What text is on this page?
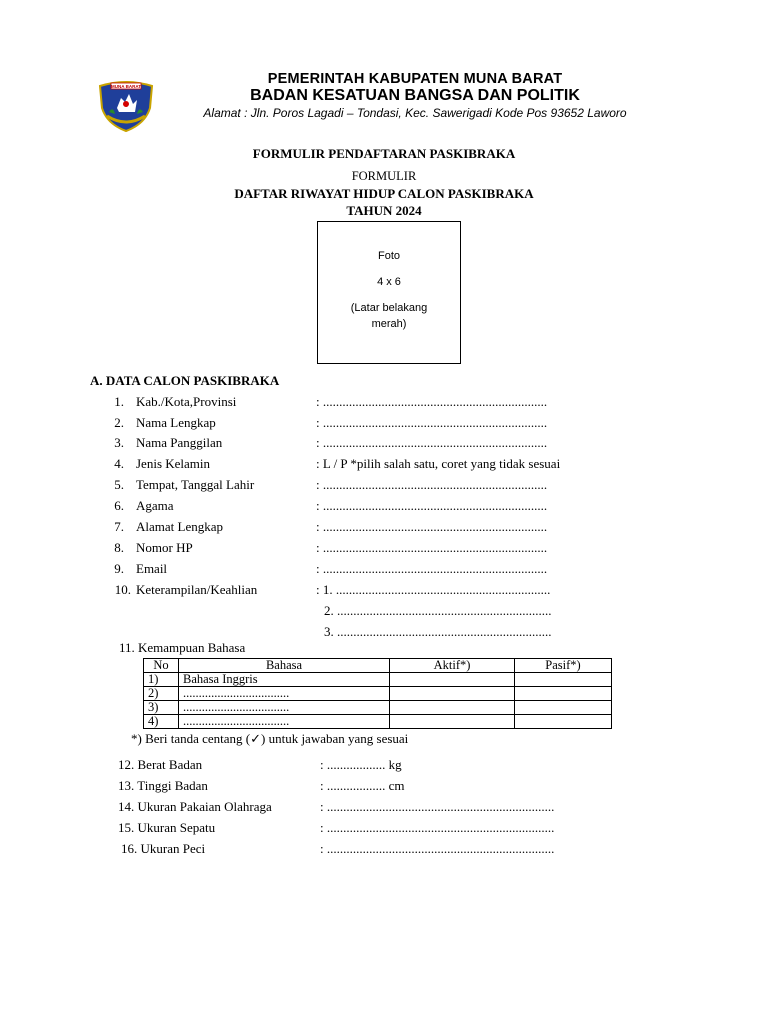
MUNA BARAT	PEMERINTAH KABUPATEN MUNA BARAT
BADAN KESATUAN BANGSA DAN POLITIK
Alamat : Jln. Poros Lagadi – Tondasi, Kec. Sawerigadi Kode Pos 93652 Laworo
FORMULIR PENDAFTARAN PASKIBRAKA
FORMULIR
DAFTAR RIWAYAT HIDUP CALON PASKIBRAKA
TAHUN 2024
Foto
4 x 6
(Latar belakang
merah)
A. DATA CALON PASKIBRAKA
1. Kab./Kota,Provinsi	: .....................................................................
2. Nama Lengkap	: .....................................................................
3. Nama Panggilan	: .....................................................................
4. Jenis Kelamin	: L / P *pilih salah satu, coret yang tidak sesuai
5. Tempat, Tanggal Lahir	: .....................................................................
6. Agama	: .....................................................................
7. Alamat Lengkap	: .....................................................................
8. Nomor HP	: .....................................................................
9. Email	: .....................................................................
10. Keterampilan/Keahlian	: 1. ..................................................................
2. ..................................................................
3. ..................................................................
11. Kemampuan Bahasa
No	Bahasa	Aktif*)	Pasif*)
1)	Bahasa Inggris		
2)	..................................		
3)	..................................		
4)	..................................		
*) Beri tanda centang (✓) untuk jawaban yang sesuai
12. Berat Badan	: .................. kg
13. Tinggi Badan	: .................. cm
14. Ukuran Pakaian Olahraga	: ......................................................................
15. Ukuran Sepatu	: ......................................................................
16. Ukuran Peci	: ......................................................................
